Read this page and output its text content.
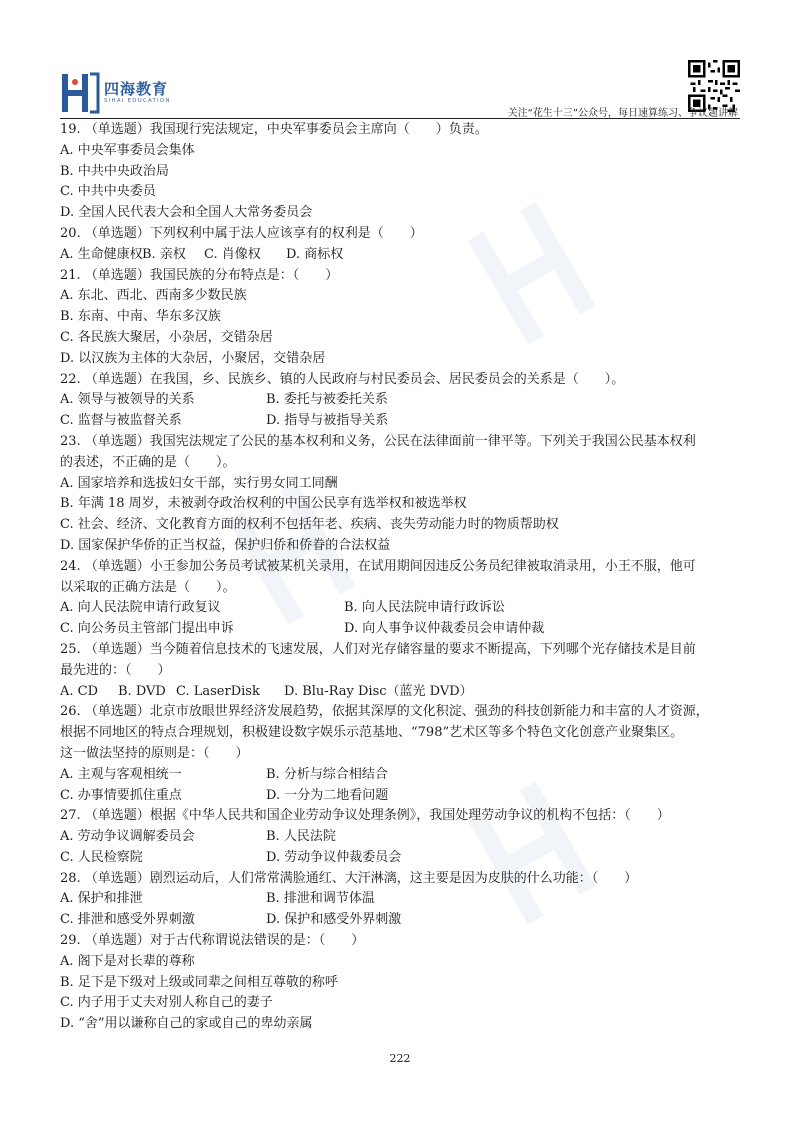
四海教育
SIHAI EDUCATION
关注“花生十三”公众号，每日速算练习、争议题讲解
19. （单选题）我国现行宪法规定，中央军事委员会主席向（　　）负责。
A. 中央军事委员会集体
B. 中共中央政治局
C. 中共中央委员
D. 全国人民代表大会和全国人大常务委员会
20. （单选题）下列权利中属于法人应该享有的权利是（　　）
A. 生命健康权 B. 亲权	C. 肖像权	D. 商标权
21. （单选题）我国民族的分布特点是：（　　）
A. 东北、西北、西南多少数民族
B. 东南、中南、华东多汉族
C. 各民族大聚居，小杂居，交错杂居
D. 以汉族为主体的大杂居，小聚居，交错杂居
22. （单选题）在我国，乡、民族乡、镇的人民政府与村民委员会、居民委员会的关系是（　　）。
A. 领导与被领导的关系	B. 委托与被委托关系
C. 监督与被监督关系	D. 指导与被指导关系
23. （单选题）我国宪法规定了公民的基本权利和义务，公民在法律面前一律平等。下列关于我国公民基本权利
的表述，不正确的是（　　）。
A. 国家培养和选拔妇女干部，实行男女同工同酬
B. 年满 18 周岁，未被剥夺政治权利的中国公民享有选举权和被选举权
C. 社会、经济、文化教育方面的权利不包括年老、疾病、丧失劳动能力时的物质帮助权
D. 国家保护华侨的正当权益，保护归侨和侨眷的合法权益
24. （单选题）小王参加公务员考试被某机关录用，在试用期间因违反公务员纪律被取消录用，小王不服，他可
以采取的正确方法是（　　）。
A. 向人民法院申请行政复议	B. 向人民法院申请行政诉讼
C. 向公务员主管部门提出申诉	D. 向人事争议仲裁委员会申请仲裁
25. （单选题）当今随着信息技术的飞速发展，人们对光存储容量的要求不断提高，下列哪个光存储技术是目前
最先进的：（　　）
A. CD	B. DVD C. LaserDisk	D. Blu-Ray Disc（蓝光 DVD）
26. （单选题）北京市放眼世界经济发展趋势，依据其深厚的文化积淀、强劲的科技创新能力和丰富的人才资源，
根据不同地区的特点合理规划，积极建设数字娱乐示范基地、“798”艺术区等多个特色文化创意产业聚集区。
这一做法坚持的原则是：（　　）
A. 主观与客观相统一	B. 分析与综合相结合
C. 办事情要抓住重点	D. 一分为二地看问题
27. （单选题）根据《中华人民共和国企业劳动争议处理条例》，我国处理劳动争议的机构不包括：（　　）
A. 劳动争议调解委员会	B. 人民法院
C. 人民检察院	D. 劳动争议仲裁委员会
28. （单选题）剧烈运动后，人们常常满脸通红、大汗淋漓，这主要是因为皮肤的什么功能：（　　）
A. 保护和排泄	B. 排泄和调节体温
C. 排泄和感受外界刺激	D. 保护和感受外界刺激
29. （单选题）对于古代称谓说法错误的是：（　　）
A. 阁下是对长辈的尊称
B. 足下是下级对上级或同辈之间相互尊敬的称呼
C. 内子用于丈夫对别人称自己的妻子
D. “舍”用以谦称自己的家或自己的卑幼亲属
222
